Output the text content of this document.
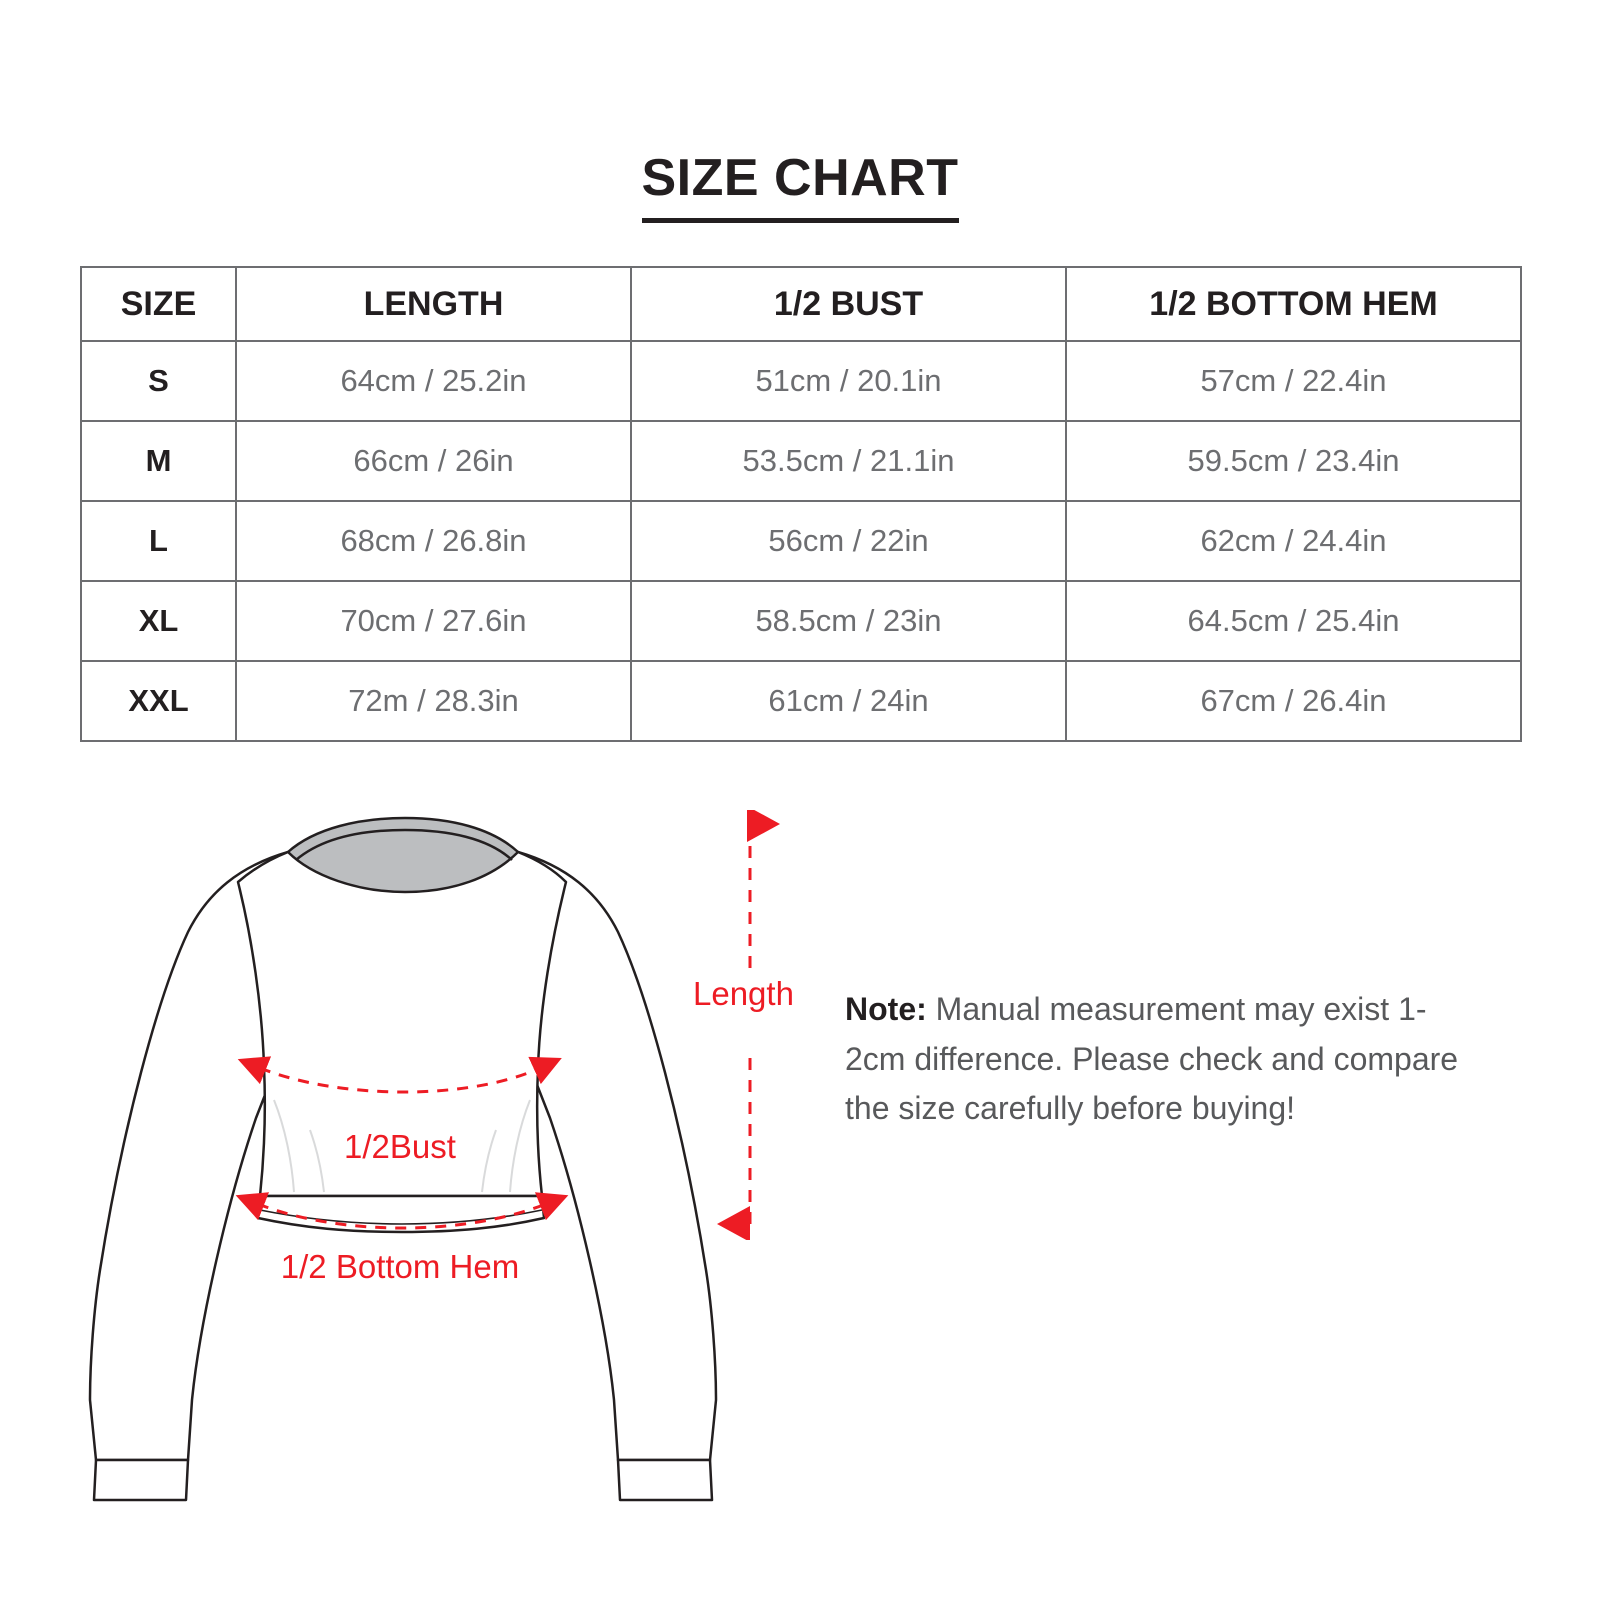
SIZE CHART
SIZE	LENGTH	1/2 BUST	1/2 BOTTOM HEM
S	64cm / 25.2in	51cm / 20.1in	57cm / 22.4in
M	66cm / 26in	53.5cm / 21.1in	59.5cm / 23.4in
L	68cm / 26.8in	56cm / 22in	62cm / 24.4in
XL	70cm / 27.6in	58.5cm / 23in	64.5cm / 25.4in
XXL	72m / 28.3in	61cm / 24in	67cm / 26.4in
1/2Bust
1/2 Bottom Hem
Length Note: Manual measurement may exist 1-2cm difference. Please check and compare the size carefully before buying!
